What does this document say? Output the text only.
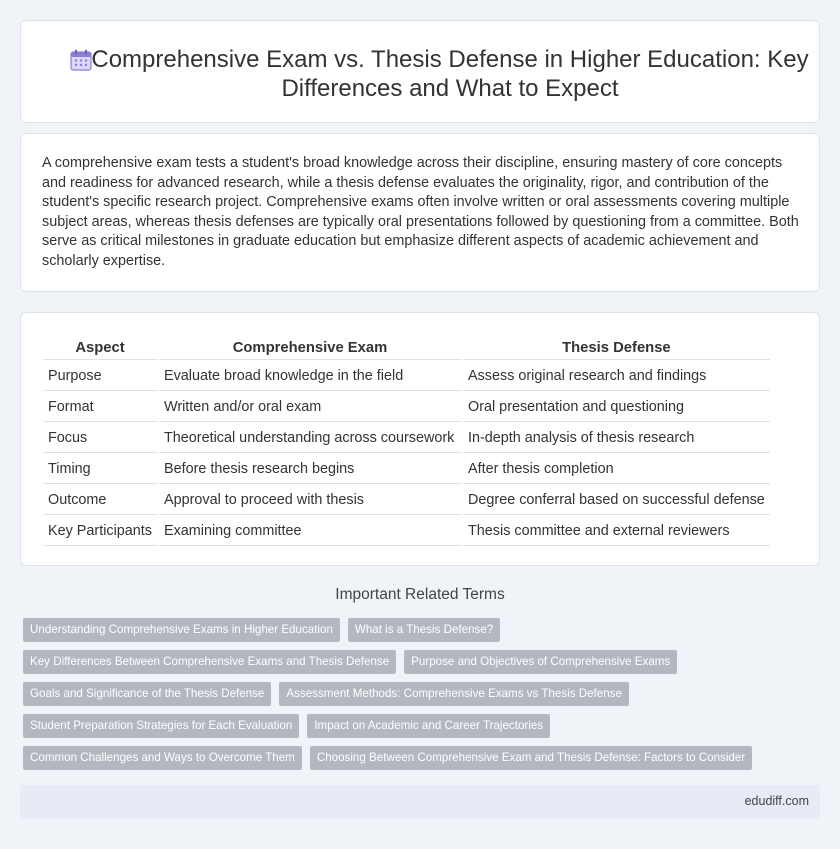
Comprehensive Exam vs. Thesis Defense in Higher Education: Key Differences and What to Expect

A comprehensive exam tests a student's broad knowledge across their discipline, ensuring mastery of core concepts and readiness for advanced research, while a thesis defense evaluates the originality, rigor, and contribution of the student's specific research project. Comprehensive exams often involve written or oral assessments covering multiple subject areas, whereas thesis defenses are typically oral presentations followed by questioning from a committee. Both serve as critical milestones in graduate education but emphasize different aspects of academic achievement and scholarly expertise.

Aspect	Comprehensive Exam	Thesis Defense
Purpose	Evaluate broad knowledge in the field	Assess original research and findings
Format	Written and/or oral exam	Oral presentation and questioning
Focus	Theoretical understanding across coursework	In-depth analysis of thesis research
Timing	Before thesis research begins	After thesis completion
Outcome	Approval to proceed with thesis	Degree conferral based on successful defense
Key Participants	Examining committee	Thesis committee and external reviewers
Important Related Terms
Understanding Comprehensive Exams in Higher Education	What is a Thesis Defense?
Key Differences Between Comprehensive Exams and Thesis Defense	Purpose and Objectives of Comprehensive Exams
Goals and Significance of the Thesis Defense	Assessment Methods: Comprehensive Exams vs Thesis Defense
Student Preparation Strategies for Each Evaluation	Impact on Academic and Career Trajectories
Common Challenges and Ways to Overcome Them	Choosing Between Comprehensive Exam and Thesis Defense: Factors to Consider
edudiff.com
